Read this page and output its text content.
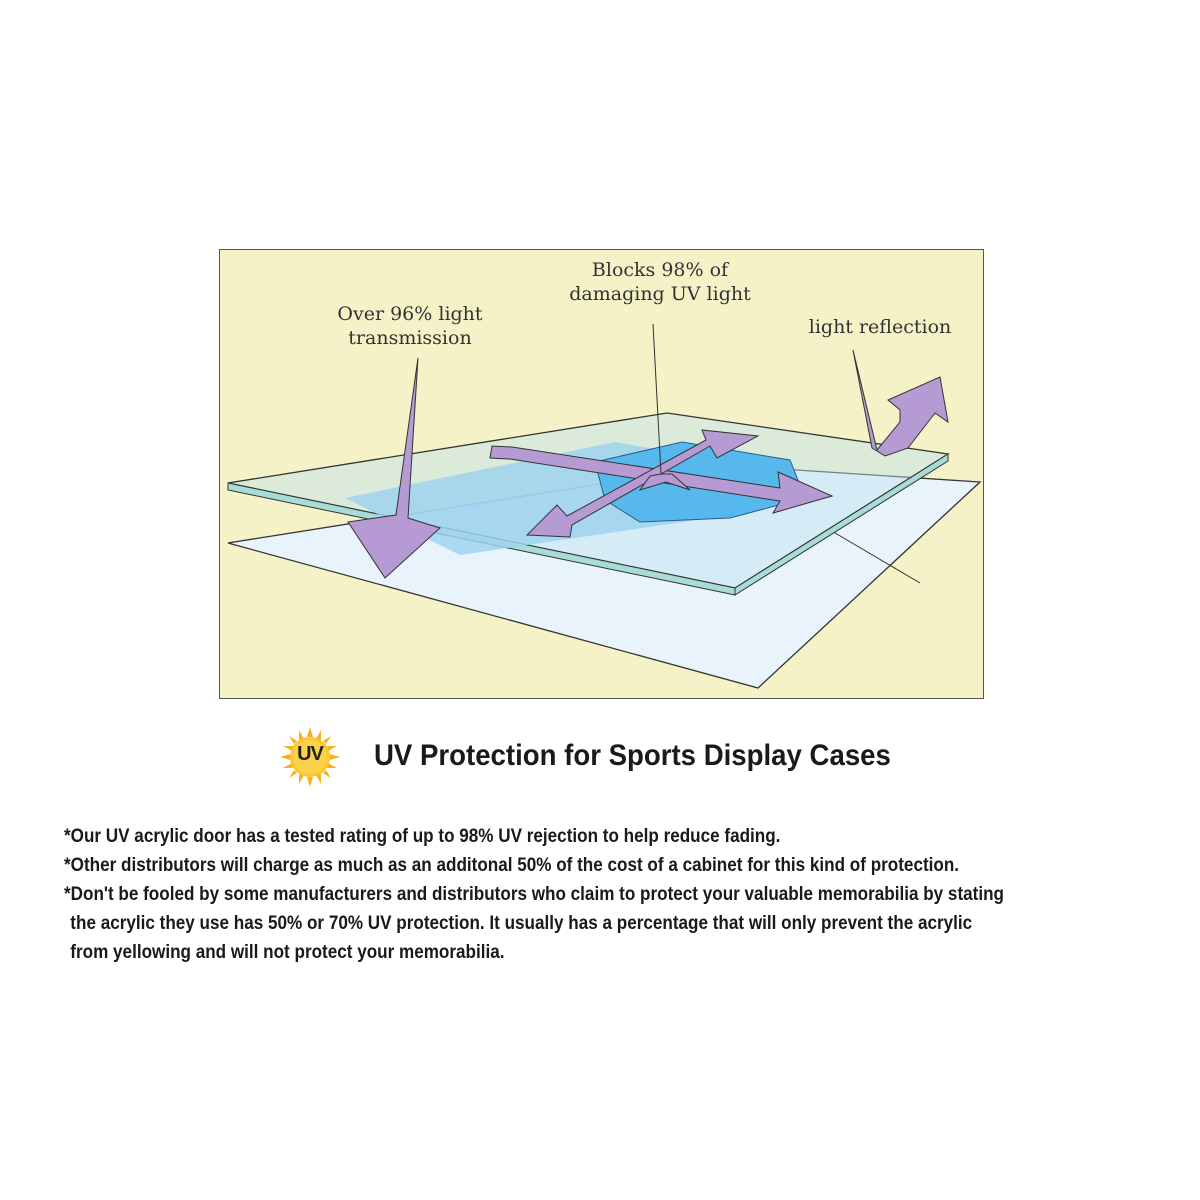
Over 96% light
transmission
Blocks 98% of
damaging UV light
light reflection
UV	UV Protection for Sports Display Cases
*Our UV acrylic door has a tested rating of up to 98% UV rejection to help reduce fading.
*Other distributors will charge as much as an additonal 50% of the cost of a cabinet for this kind of protection.
*Don't be fooled by some manufacturers and distributors who claim to protect your valuable memorabilia by stating
the acrylic they use has 50% or 70% UV protection. It usually has a percentage that will only prevent the acrylic
from yellowing and will not protect your memorabilia.
